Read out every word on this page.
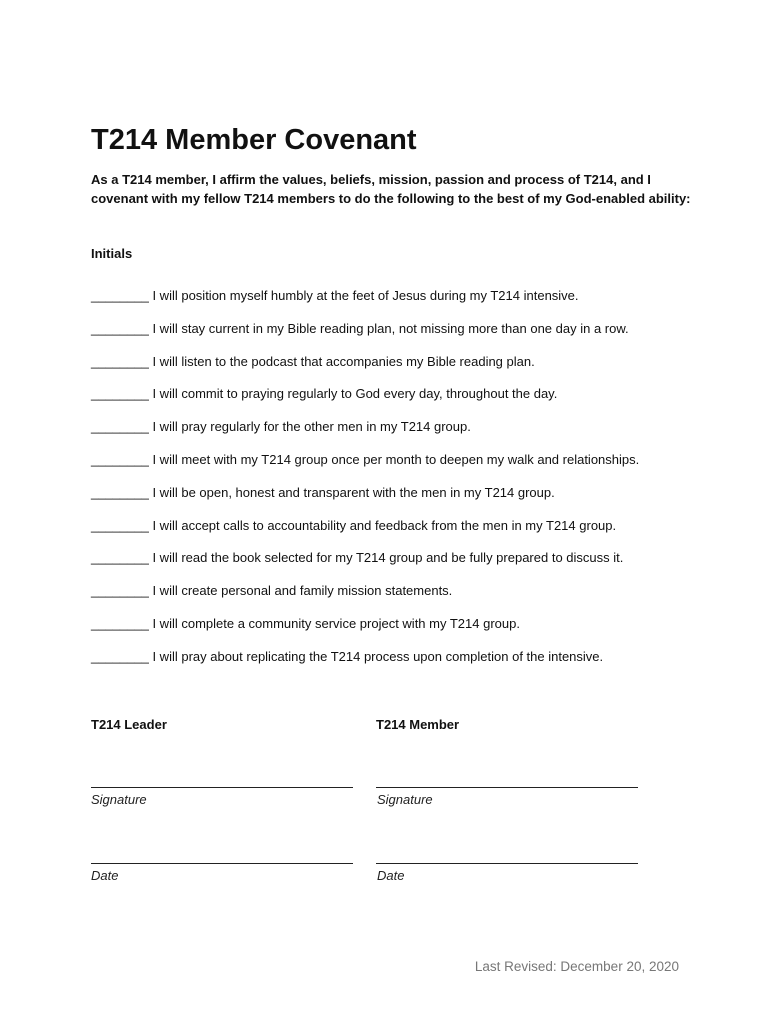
T214 Member Covenant
As a T214 member, I affirm the values, beliefs, mission, passion and process of T214, and I covenant with my fellow T214 members to do the following to the best of my God-enabled ability:
Initials
________ I will position myself humbly at the feet of Jesus during my T214 intensive.
________ I will stay current in my Bible reading plan, not missing more than one day in a row.
________ I will listen to the podcast that accompanies my Bible reading plan.
________ I will commit to praying regularly to God every day, throughout the day.
________ I will pray regularly for the other men in my T214 group.
________ I will meet with my T214 group once per month to deepen my walk and relationships.
________ I will be open, honest and transparent with the men in my T214 group.
________ I will accept calls to accountability and feedback from the men in my T214 group.
________ I will read the book selected for my T214 group and be fully prepared to discuss it.
________ I will create personal and family mission statements.
________ I will complete a community service project with my T214 group.
________ I will pray about replicating the T214 process upon completion of the intensive.
T214 Leader
Signature
Date
T214 Member
Signature
Date
Last Revised: December 20, 2020
